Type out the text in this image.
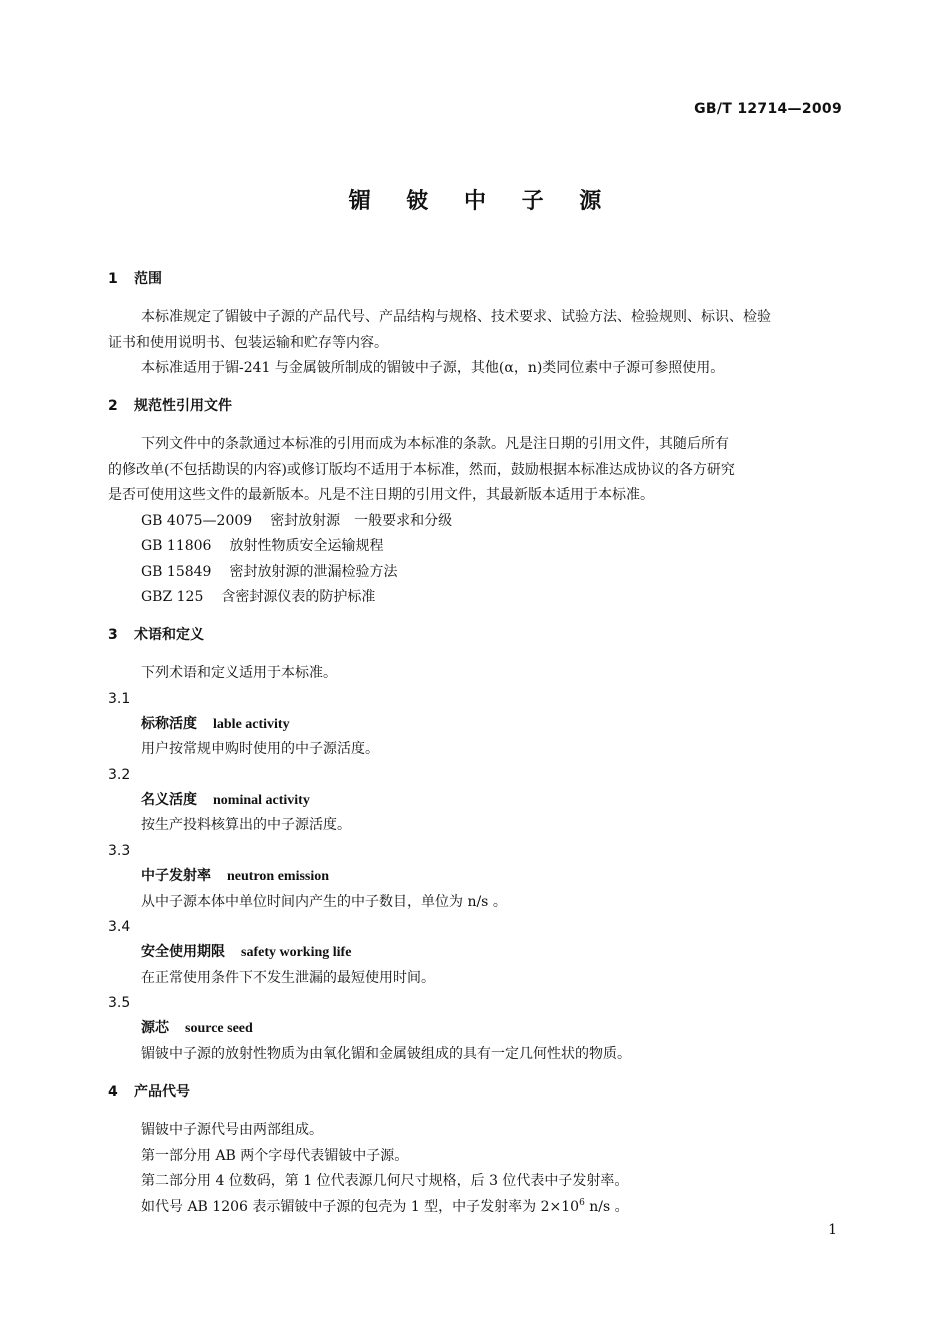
GB/T 12714—2009
镅 铍 中 子 源
1 范围
本标准规定了镅铍中子源的产品代号、产品结构与规格、技术要求、试验方法、检验规则、标识、检验
证书和使用说明书、包装运输和贮存等内容。
本标准适用于镅-241 与金属铍所制成的镅铍中子源，其他(α，n)类同位素中子源可参照使用。
2 规范性引用文件
下列文件中的条款通过本标准的引用而成为本标准的条款。凡是注日期的引用文件，其随后所有
的修改单(不包括勘误的内容)或修订版均不适用于本标准，然而，鼓励根据本标准达成协议的各方研究
是否可使用这些文件的最新版本。凡是不注日期的引用文件，其最新版本适用于本标准。
GB 4075—2009 密封放射源　一般要求和分级
GB 11806 放射性物质安全运输规程
GB 15849 密封放射源的泄漏检验方法
GBZ 125 含密封源仪表的防护标准
3 术语和定义
下列术语和定义适用于本标准。
3.1
标称活度 lable activity
用户按常规申购时使用的中子源活度。
3.2
名义活度 nominal activity
按生产投料核算出的中子源活度。
3.3
中子发射率 neutron emission
从中子源本体中单位时间内产生的中子数目，单位为 n/s 。
3.4
安全使用期限 safety working life
在正常使用条件下不发生泄漏的最短使用时间。
3.5
源芯 source seed
镅铍中子源的放射性物质为由氧化镅和金属铍组成的具有一定几何性状的物质。
4 产品代号
镅铍中子源代号由两部组成。
第一部分用 AB 两个字母代表镅铍中子源。
第二部分用 4 位数码，第 1 位代表源几何尺寸规格，后 3 位代表中子发射率。
如代号 AB 1206 表示镅铍中子源的包壳为 1 型，中子发射率为 $2\times 10^6$ n/s 。
1
